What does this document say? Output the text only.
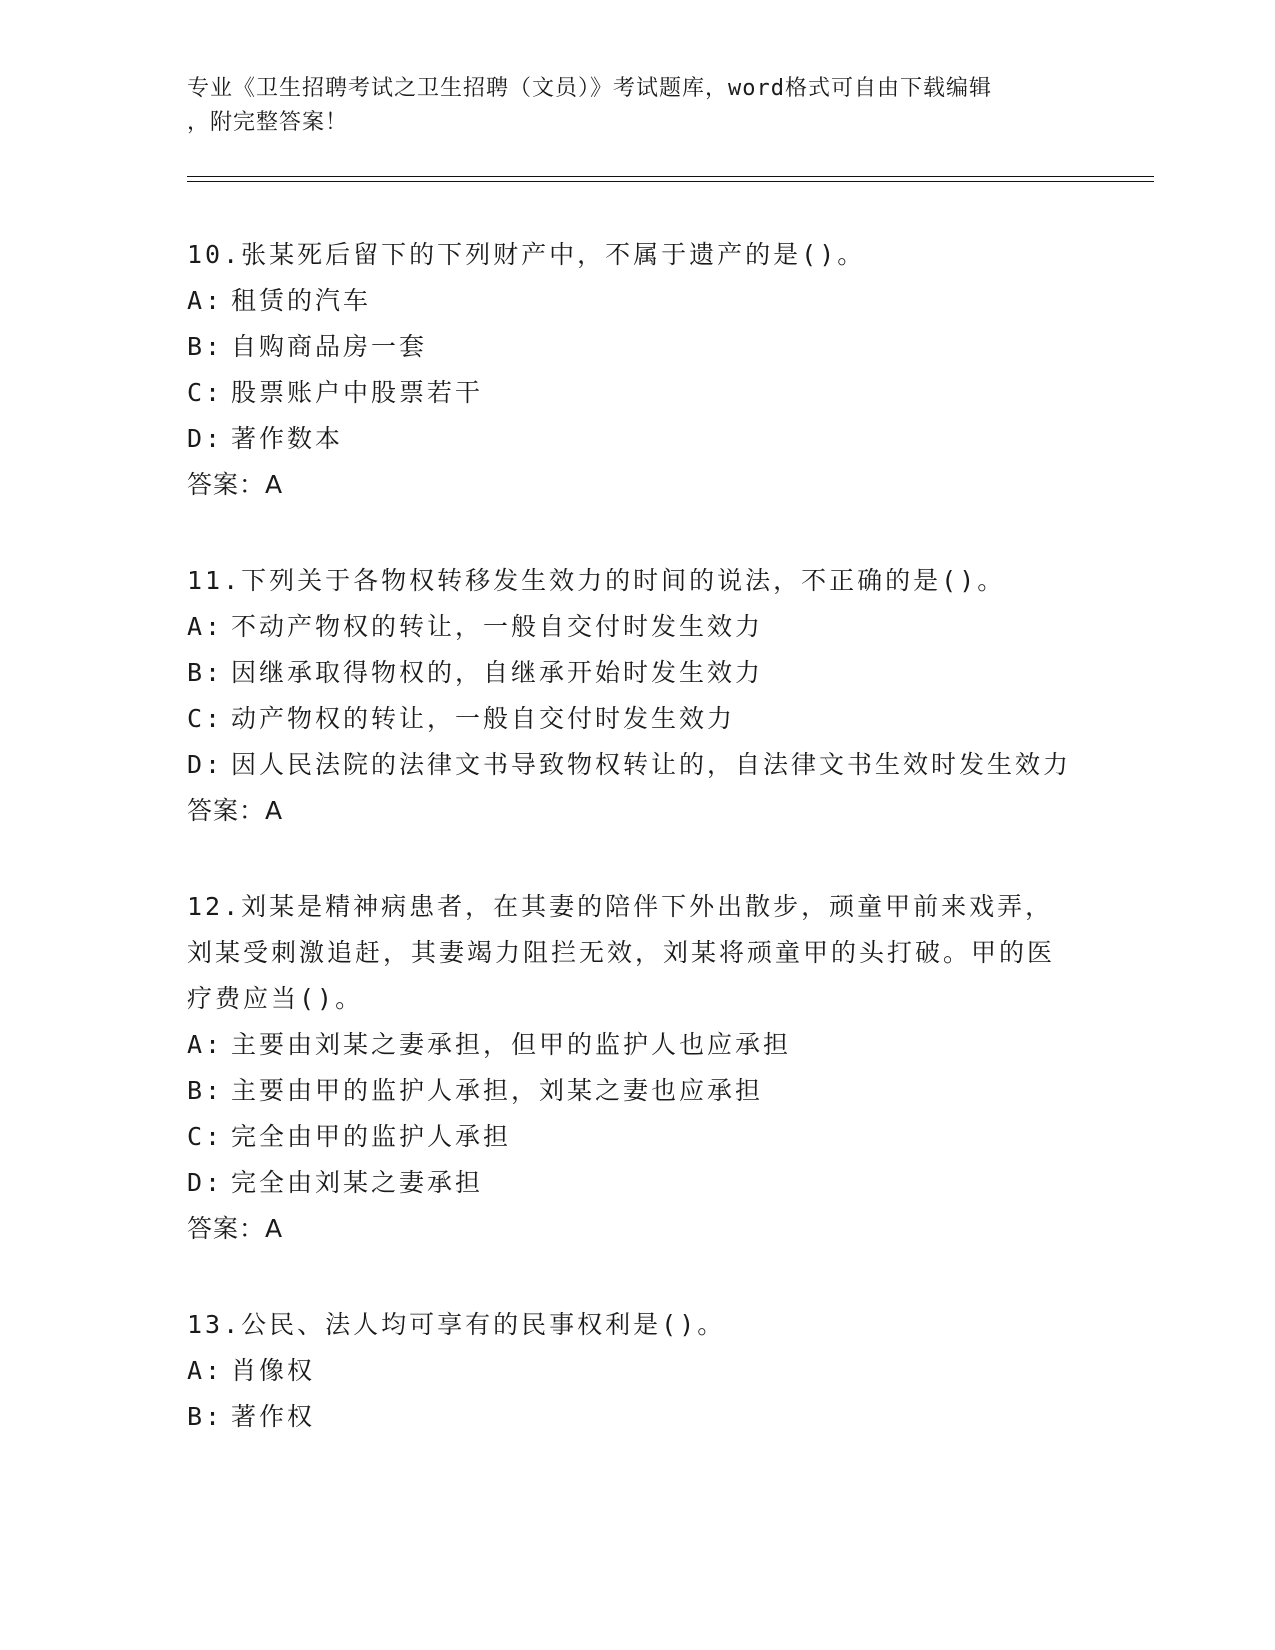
专业《卫生招聘考试之卫生招聘（文员）》考试题库，word格式可自由下载编辑
，附完整答案！
10.张某死后留下的下列财产中，不属于遗产的是()。
A: 租赁的汽车
B: 自购商品房一套
C: 股票账户中股票若干
D: 著作数本
答案：A
11.下列关于各物权转移发生效力的时间的说法，不正确的是()。
A: 不动产物权的转让，一般自交付时发生效力
B: 因继承取得物权的，自继承开始时发生效力
C: 动产物权的转让，一般自交付时发生效力
D: 因人民法院的法律文书导致物权转让的，自法律文书生效时发生效力
答案：A
12.刘某是精神病患者，在其妻的陪伴下外出散步，顽童甲前来戏弄，刘某受刺激追赶，其妻竭力阻拦无效，刘某将顽童甲的头打破。甲的医疗费应当()。
A: 主要由刘某之妻承担，但甲的监护人也应承担
B: 主要由甲的监护人承担，刘某之妻也应承担
C: 完全由甲的监护人承担
D: 完全由刘某之妻承担
答案：A
13.公民、法人均可享有的民事权利是()。
A: 肖像权
B: 著作权
